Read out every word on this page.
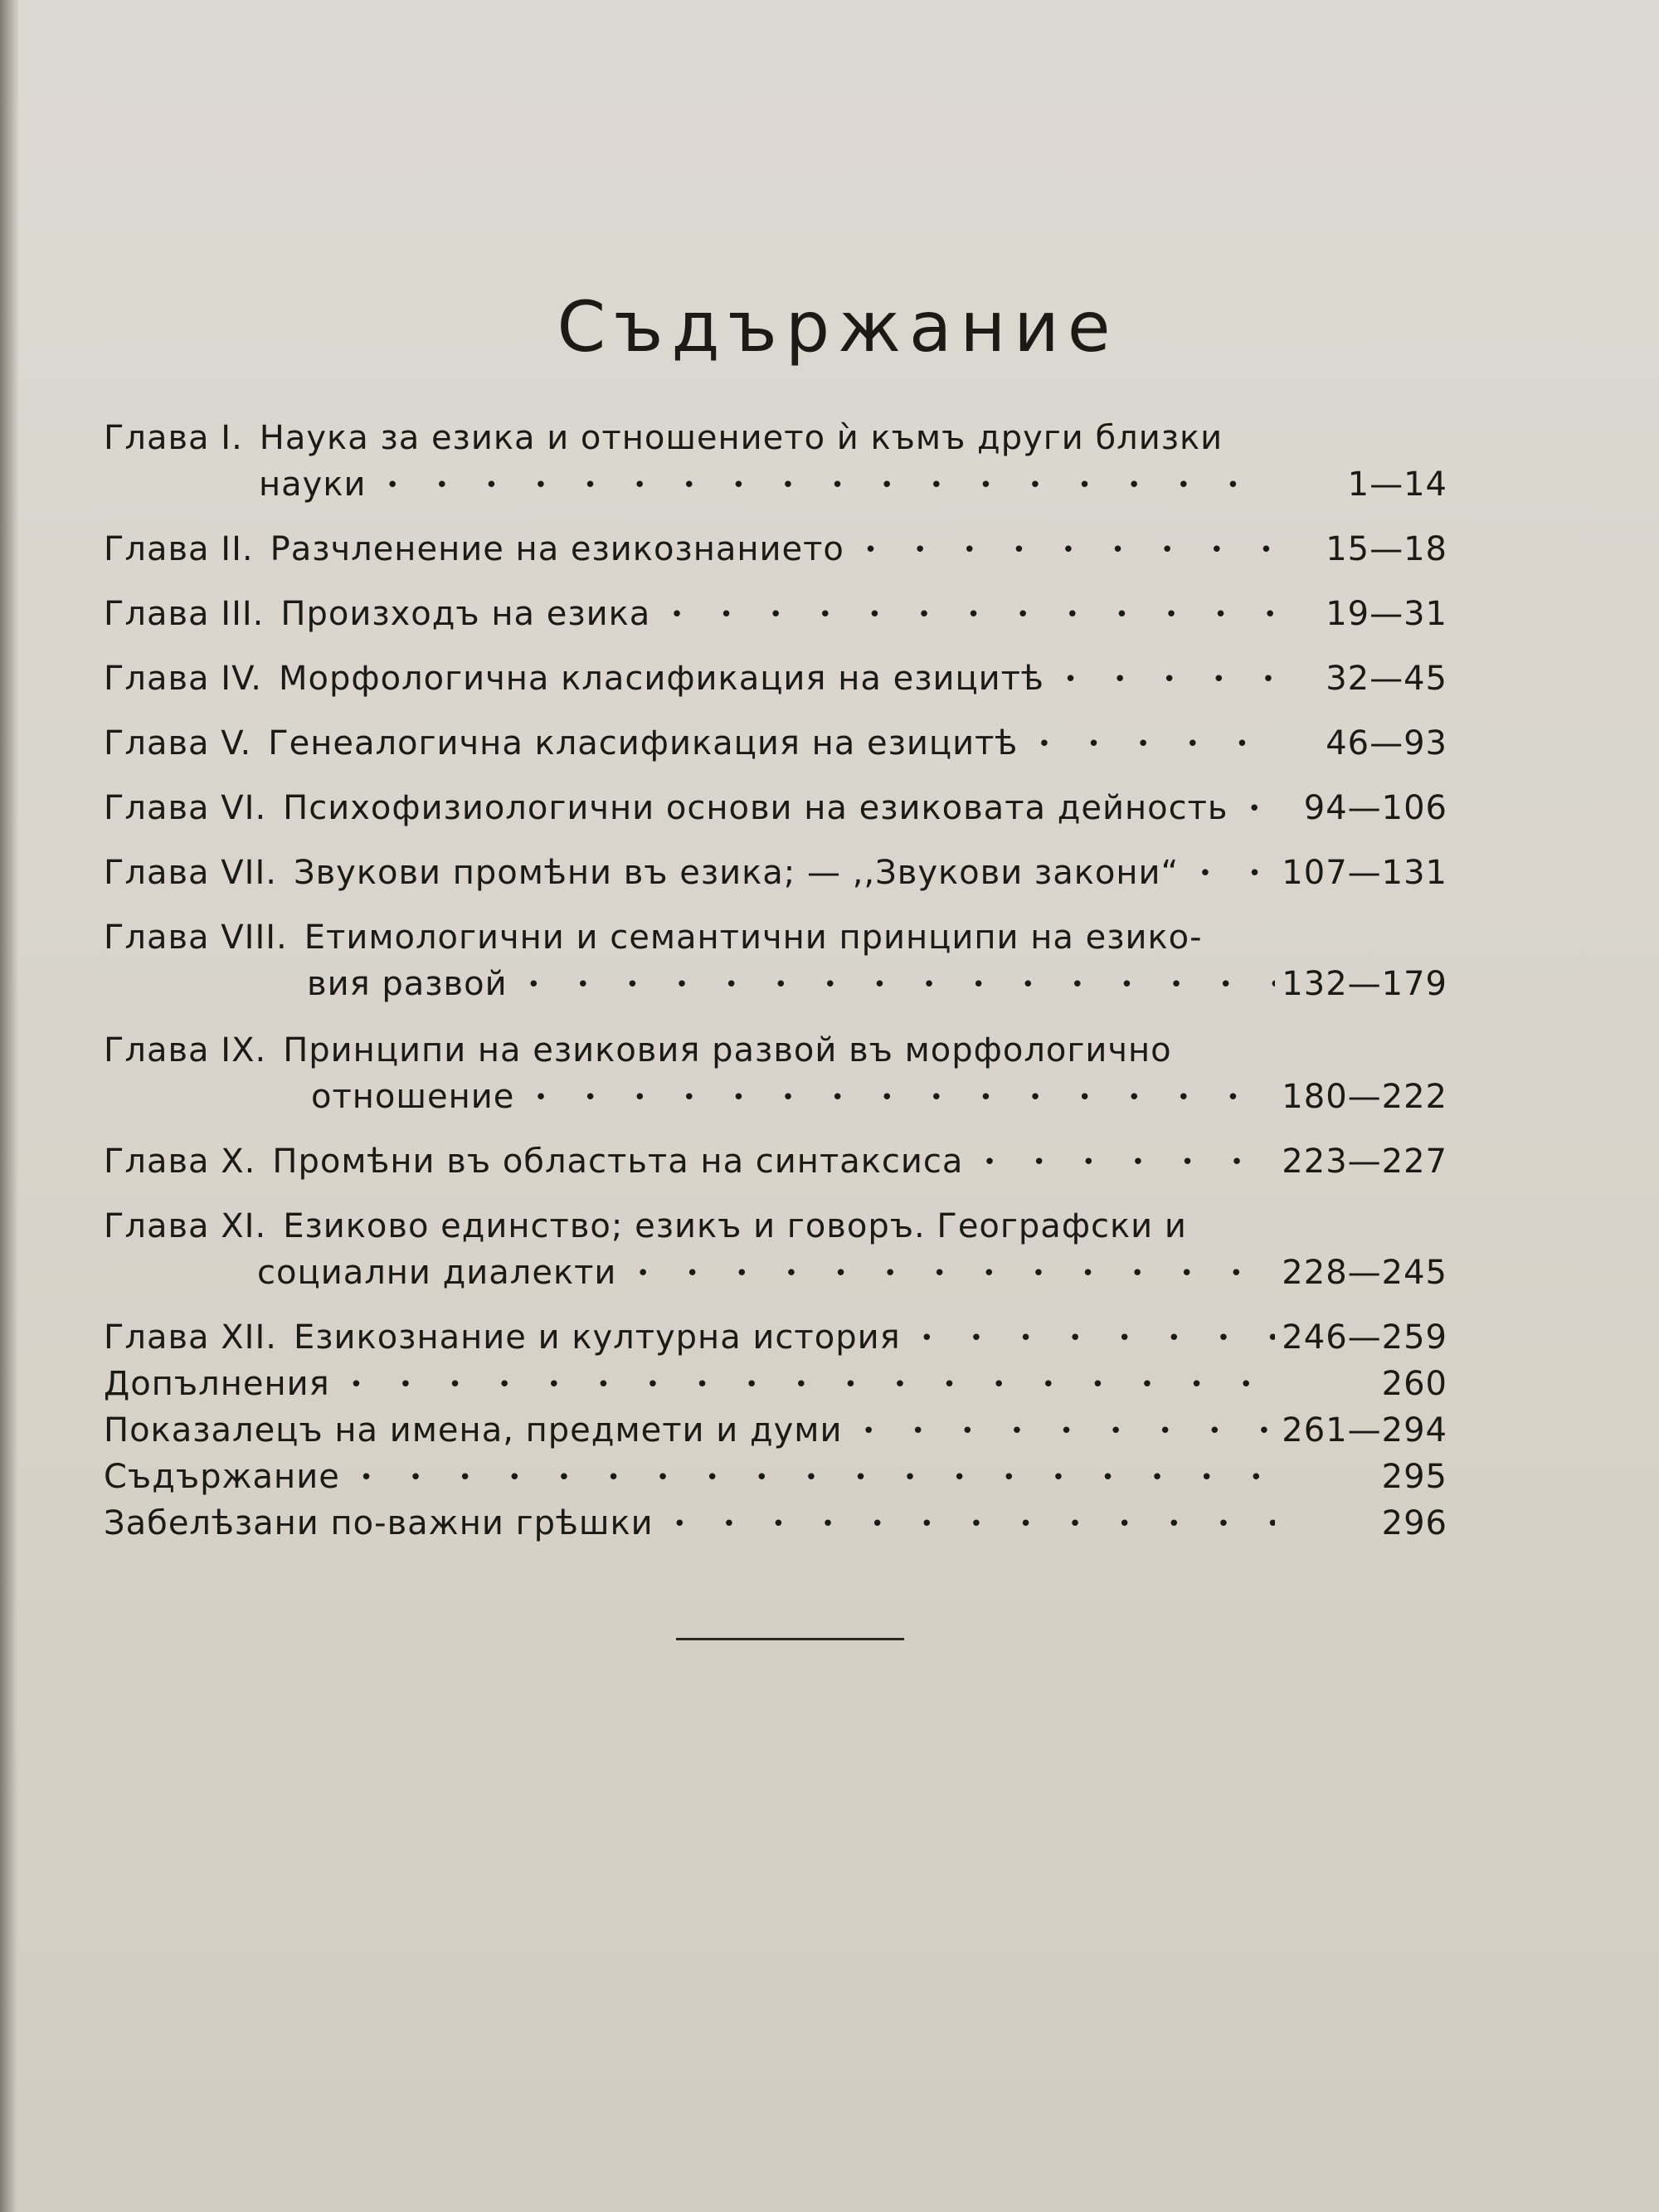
Съдържание
Глава I. Наука за езика и отношението ѝ къмъ други близки
науки • • •	1—14
Глава II. Разчленение на езикознанието • • •	15—18
Глава III. Произходъ на езика • • •	19—31
Глава IV. Морфологична класификация на езицитѣ • • •	32—45
Глава V. Генеалогична класификация на езицитѣ • • •	46—93
Глава VI. Психофизиологични основи на езиковата дейность • • •	94—106
Глава VII. Звукови промѣни въ езика; — ,,Звукови закони“ • • •	107—131
Глава VIII. Етимологични и семантични принципи на езико-
вия развой • • •	132—179
Глава IX. Принципи на езиковия развой въ морфологично
отношение • • •	180—222
Глава X. Промѣни въ областьта на синтаксиса • • •	223—227
Глава XI. Езиково единство; езикъ и говоръ. Географски и
социални диалекти • • •	228—245
Глава XII. Езикознание и културна история • • •	246—259
Допълнения • • •	260
Показалецъ на имена, предмети и думи • • •	261—294
Съдържание • • •	295
Забелѣзани по-важни грѣшки • • •	296
